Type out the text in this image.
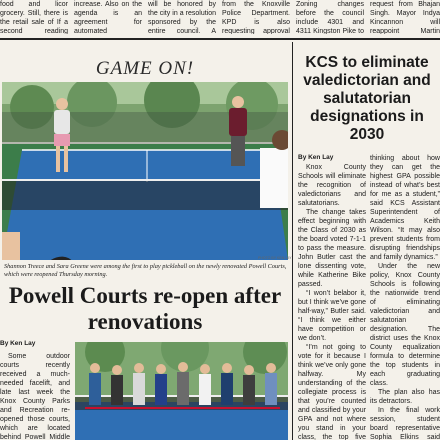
food and licor grocery. Still, there is the retail sale of If a second reading

increase. Also on the agenda is an agreement for automated

will be honored by the city in a resolution sponsored by the entire council. A

from the Knoxville Police Department. KPD is also requesting approval

Zoning changes before the council include 4301 and 4311 Kingston Pike to

request from Bhajan Singh. Mayor Indya Kincannon will reappoint Martin

GAME ON!
PHOTO BY KEN LAY
Shannon Treece and Sara Greene were among the first to play pickleball on the newly renovated Powell Courts, which were reopened Thursday morning.
Powell Courts re-open after renovations
By Ken Lay

Some outdoor courts recently received a much-needed facelift, and late last week the Knox County Parks and Recreation re-opened those courts, which are located behind Powell Middle

KCS to eliminate valedictorian and salutatorian designations in 2030
By Ken Lay

Knox County Schools will eliminate the recognition of valedictorians and salutatorians.

The change takes effect beginning with the Class of 2030 as the board voted 7-1-1 to pass the measure. John Butler cast the lone dissenting vote, while Katherine Bike passed.

“I won’t belabor it, but I think we’ve gone half-way,” Butler said. “I think we either have competition or we don’t.

“I’m not going to vote for it because I think we’ve only gone halfway. My understanding of the collegiate process is that you’re counted and classified by your GPA and not where you stand in your class, the top five

thinking about how they can get the highest GPA possible instead of what’s best for me as a student,” said KCS Assistant Superintendent of Academics Keith Wilson. “It may also prevent students from disrupting friendships and family dynamics.”

Under the new policy, Knox County Schools is following the nationwide trend of eliminating valedictorian and salutatorian designation. The district uses the Knox County equalization formula to determine the top students in each graduating class.

The plan also has its detractors.

In the final work session, student board representative Sophia Elkins said
